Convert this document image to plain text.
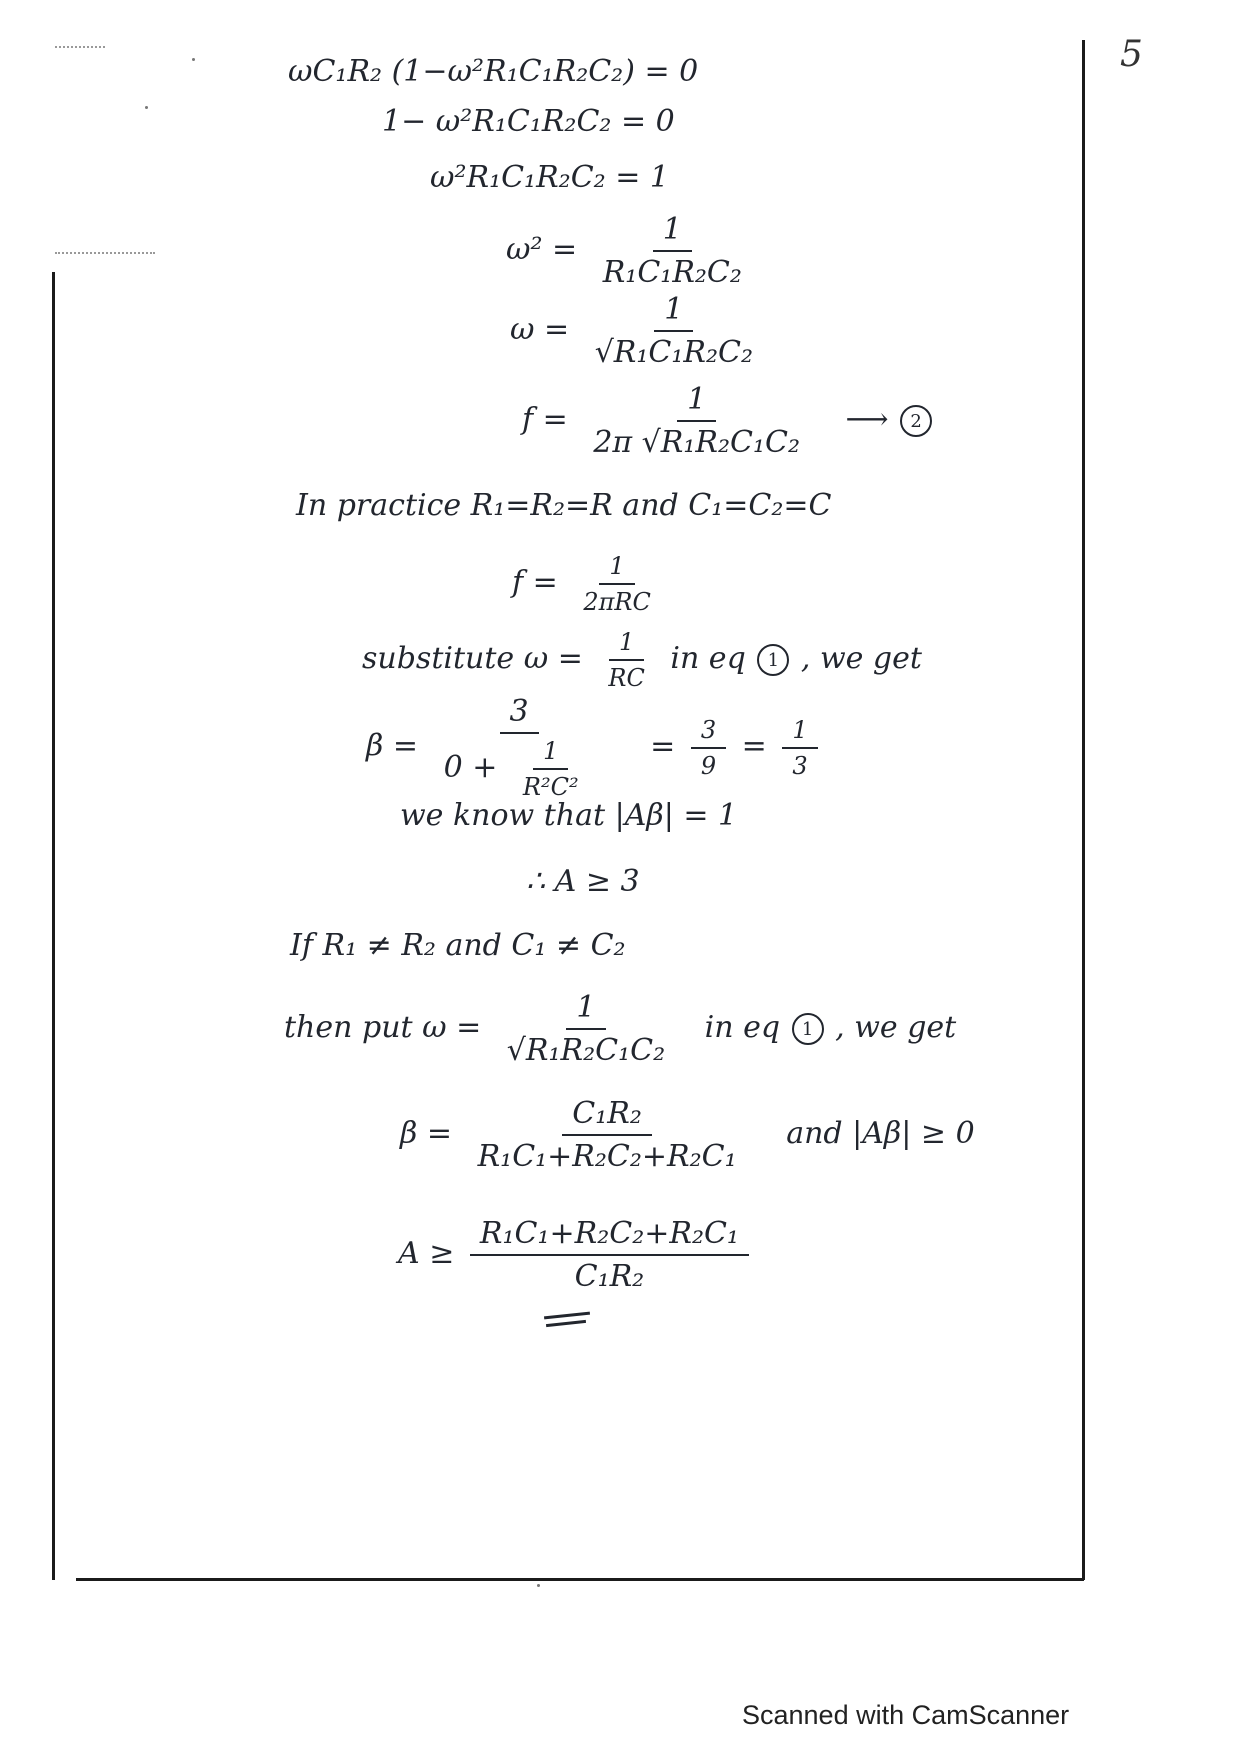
5
ωC₁R₂ (1−ω²R₁C₁R₂C₂) = 0
1− ω²R₁C₁R₂C₂ = 0
ω²R₁C₁R₂C₂ = 1
$\omega^2 = \frac{1}{\text{R₁C₁R₂C₂}}$
$\omega = \frac{1}{\text{√R₁C₁R₂C₂}}$
$f = \frac{1}{\text{2π √R₁R₂C₁C₂}}$ ⟶ 2
In practice R₁=R₂=R and C₁=C₂=C
$f = \frac{1}{\text{2πRC}}$
substitute $\omega = \frac{1}{RC}$ in eq 1 , we get
$\beta = \frac{3}{0 + \frac{1}{\text{R²C²}}} = \frac{3}{9} = \frac{1}{3}$
we know that |Aβ| = 1
∴ A ≥ 3
If R₁ ≠ R₂ and C₁ ≠ C₂
then put $\omega = \frac{1}{\text{√R₁R₂C₁C₂}}$ in eq 1 , we get
$\beta = \frac{\text{C₁R₂}}{\text{R₁C₁+R₂C₂+R₂C₁}}$ and |Aβ| ≥ 0
$A \ge \frac{\text{R₁C₁+R₂C₂+R₂C₁}}{\text{C₁R₂}}$
Scanned with CamScanner
